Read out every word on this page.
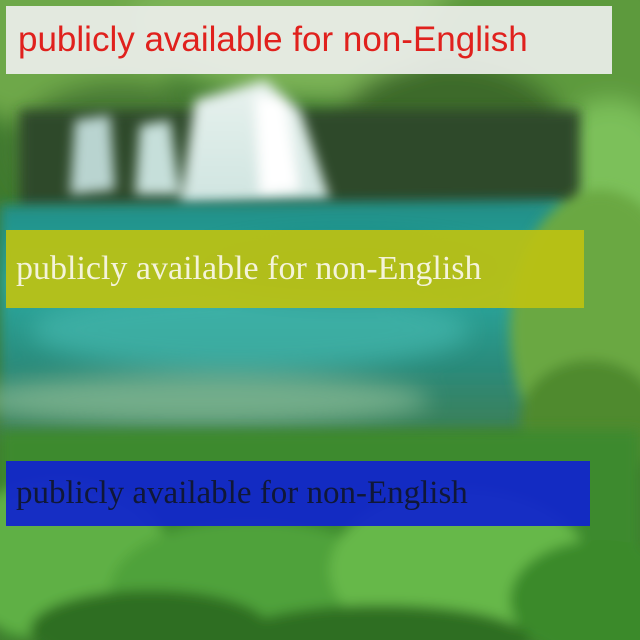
publicly available for non-English
publicly available for non-English
publicly available for non-English
